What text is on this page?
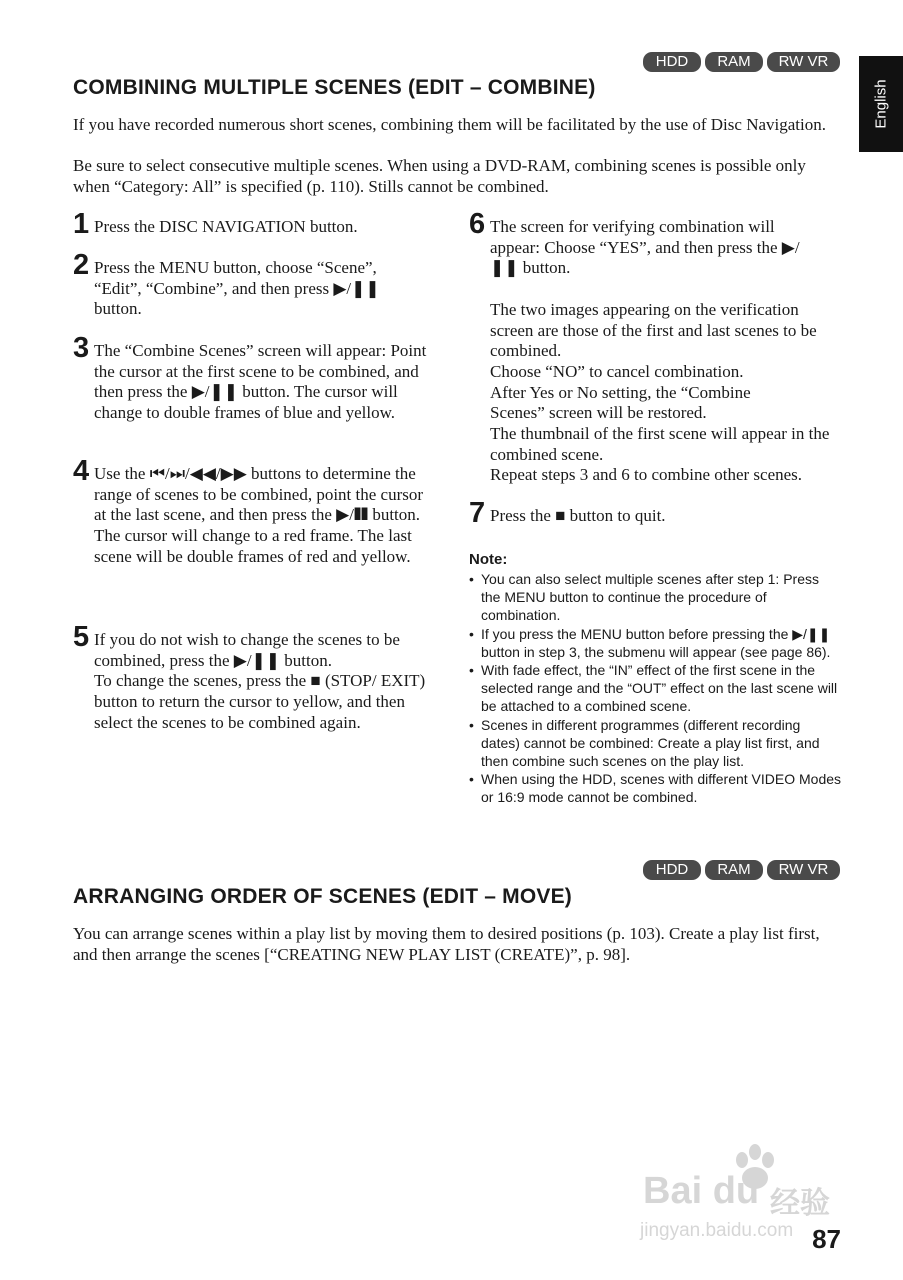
HDD	RAM	RW VR
English
COMBINING MULTIPLE SCENES (EDIT – COMBINE)

If you have recorded numerous short scenes, combining them will be facilitated by the use of Disc Navigation.

Be sure to select consecutive multiple scenes. When using a DVD-RAM, combining scenes is possible only when “Category: All” is specified (p. 110). Stills cannot be combined.

1 Press the DISC NAVIGATION button.

2 Press the MENU button, choose “Scene”, “Edit”, “Combine”, and then press ▶/❚❚ button.

3 The “Combine Scenes” screen will appear: Point the cursor at the first scene to be combined, and then press the ▶/❚❚ button. The cursor will change to double frames of blue and yellow.

4 Use the ⏮/⏭/◀◀/▶▶ buttons to determine the range of scenes to be combined, point the cursor at the last scene, and then press the ▶/❚❚ button.

The cursor will change to a red frame. The last scene will be double frames of red and yellow.

5 If you do not wish to change the scenes to be combined, press the ▶/❚❚ button.

To change the scenes, press the ■ (STOP/ EXIT) button to return the cursor to yellow, and then select the scenes to be combined again.

6 The screen for verifying combination will appear: Choose “YES”, and then press the ▶/❚❚ button.

The two images appearing on the verification screen are those of the first and last scenes to be combined.

Choose “NO” to cancel combination.

After Yes or No setting, the “Combine Scenes” screen will be restored.

The thumbnail of the first scene will appear in the combined scene.

Repeat steps 3 and 6 to combine other scenes.

7 Press the ■ button to quit.

Note:
• You can also select multiple scenes after step 1: Press the MENU button to continue the procedure of combination.
• If you press the MENU button before pressing the ▶/❚❚ button in step 3, the submenu will appear (see page 86).
• With fade effect, the “IN” effect of the first scene in the selected range and the “OUT” effect on the last scene will be attached to a combined scene.
• Scenes in different programmes (different recording dates) cannot be combined: Create a play list first, and then combine such scenes on the play list.
• When using the HDD, scenes with different VIDEO Modes or 16:9 mode cannot be combined.
HDD	RAM	RW VR
ARRANGING ORDER OF SCENES (EDIT – MOVE)

You can arrange scenes within a play list by moving them to desired positions (p. 103). Create a play list first, and then arrange the scenes [“CREATING NEW PLAY LIST (CREATE)”, p. 98].

Bai du 经验
jingyan.baidu.com 87
